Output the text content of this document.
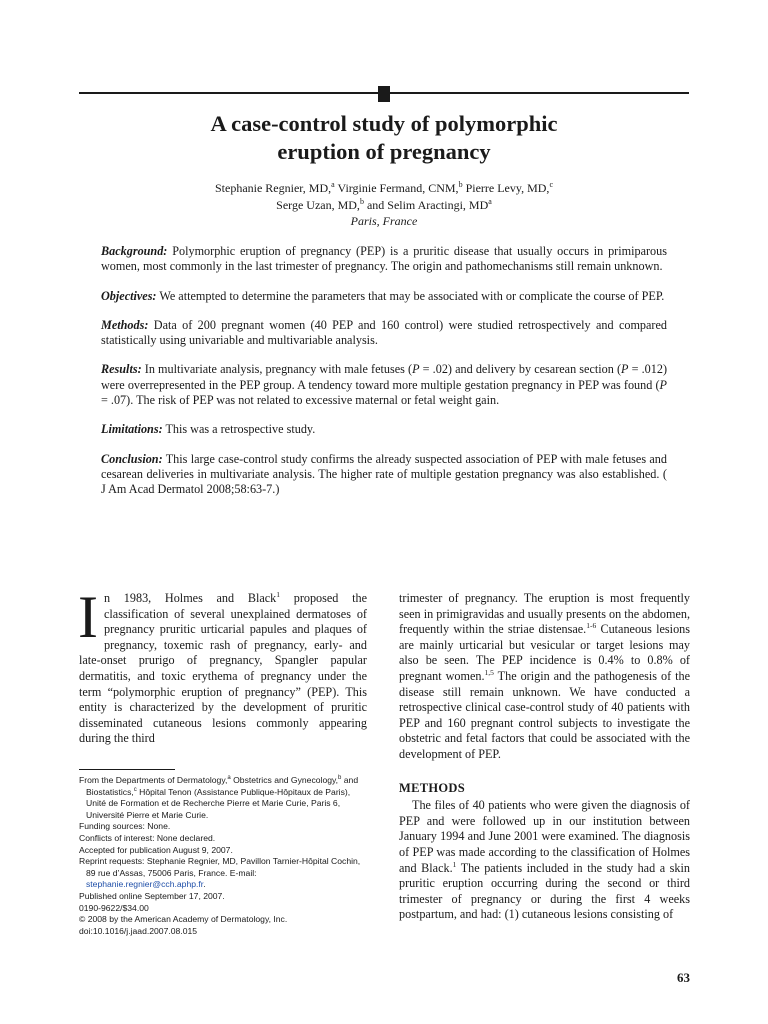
A case-control study of polymorphic
eruption of pregnancy
Stephanie Regnier, MD,$^a$ Virginie Fermand, CNM,$^b$ Pierre Levy, MD,$^c$
Serge Uzan, MD,$^b$ and Selim Aractingi, $MD^a$
Paris, France

Background: Polymorphic eruption of pregnancy (PEP) is a pruritic disease that usually occurs in primiparous women, most commonly in the last trimester of pregnancy. The origin and pathomechanisms still remain unknown.

Objectives: We attempted to determine the parameters that may be associated with or complicate the course of PEP.

Methods: Data of 200 pregnant women (40 PEP and 160 control) were studied retrospectively and compared statistically using univariable and multivariable analysis.

Results: In multivariate analysis, pregnancy with male fetuses (P = .02) and delivery by cesarean section (P = .012) were overrepresented in the PEP group. A tendency toward more multiple gestation pregnancy in PEP was found (P = .07). The risk of PEP was not related to excessive maternal or fetal weight gain.

Limitations: This was a retrospective study.

Conclusion: This large case-control study confirms the already suspected association of PEP with male fetuses and cesarean deliveries in multivariate analysis. The higher rate of multiple gestation pregnancy was also established. ( J Am Acad Dermatol 2008;58:63-7.)

In 1983, Holmes and Black$^1$ proposed the classification of several unexplained dermatoses of pregnancy pruritic urticarial papules and plaques of pregnancy, toxemic rash of pregnancy, early- and late-onset prurigo of pregnancy, Spangler papular dermatitis, and toxic erythema of pregnancy under the term “polymorphic eruption of pregnancy” (PEP). This entity is characterized by the development of pruritic disseminated cutaneous lesions commonly appearing during the third

From the Departments of Dermatology,$^a$ Obstetrics and Gynecology,$^b$ and Biostatistics,$^c$ Hôpital Tenon (Assistance Publique-Hôpitaux de Paris), Unité de Formation et de Recherche Pierre et Marie Curie, Paris 6, Université Pierre et Marie Curie.

Funding sources: None.

Conflicts of interest: None declared.

Accepted for publication August 9, 2007.

Reprint requests: Stephanie Regnier, MD, Pavillon Tarnier-Hôpital Cochin, 89 rue d’Assas, 75006 Paris, France. E-mail: stephanie.regnier@cch.aphp.fr.

Published online September 17, 2007.

0190-9622/$34.00

© 2008 by the American Academy of Dermatology, Inc.

doi:10.1016/j.jaad.2007.08.015

trimester of pregnancy. The eruption is most frequently seen in primigravidas and usually presents on the abdomen, frequently within the striae distensae.$^{1-6}$ Cutaneous lesions are mainly urticarial but vesicular or target lesions may also be seen. The PEP incidence is 0.4% to 0.8% of pregnant women.$^{1,5}$ The origin and the pathogenesis of the disease still remain unknown. We have conducted a retrospective clinical case-control study of 40 patients with PEP and 160 pregnant control subjects to investigate the obstetric and fetal factors that could be associated with the development of PEP.

METHODS

The files of 40 patients who were given the diagnosis of PEP and were followed up in our institution between January 1994 and June 2001 were examined. The diagnosis of PEP was made according to the classification of Holmes and Black.$^1$ The patients included in the study had a skin pruritic eruption occurring during the second or third trimester of pregnancy or during the first 4 weeks postpartum, and had: (1) cutaneous lesions consisting of

63
